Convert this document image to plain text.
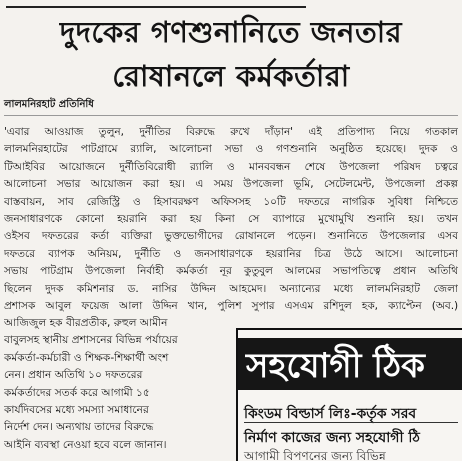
দুদকের গণশুনানিতে জনতার
রোষানলে কর্মকর্তারা
লালমনিরহাট প্রতিনিধি
'এবার আওয়াজ তুলুন, দুর্নীতির বিরুদ্ধে রুখে দাঁড়ান' এই প্রতিপাদ্য নিয়ে গতকাল
লালমনিরহাটের পাটগ্রামে র‍্যালি, আলোচনা সভা ও গণশুনানি অনুষ্ঠিত হয়েছে। দুদক ও
টিআইবির আয়োজনে দুর্নীতিবিরোধী র‍্যালি ও মানববন্ধন শেষে উপজেলা পরিষদ চত্বরে
আলোচনা সভার আয়োজন করা হয়। এ সময় উপজেলা ভূমি, সেটেলমেন্ট, উপজেলা প্রকল্প
বাস্তবায়ন, সাব রেজিস্ট্রি ও হিসাবরক্ষণ অফিসসহ ১০টি দফতরে নাগরিক সুবিধা নিশ্চিতে
জনসাধারণকে কোনো হয়রানি করা হয় কিনা সে ব্যাপারে মুখোমুখি শুনানি হয়। তখন
ওইসব দফতরের কর্তা ব্যক্তিরা ভুক্তভোগীদের রোষানলে পড়েন। শুনানিতে উপজেলার এসব
দফতরে ব্যাপক অনিয়ম, দুর্নীতি ও জনসাধারণকে হয়রানির চিত্র উঠে আসে। আলোচনা
সভায় পাটগ্রাম উপজেলা নির্বাহী কর্মকর্তা নূর কুতুবুল আলমের সভাপতিত্বে প্রধান অতিথি
ছিলেন দুদক কমিশনার ড. নাসির উদ্দিন আহমেদ। অন্যান্যের মধ্যে লালমনিরহাট জেলা
প্রশাসক আবুল ফয়েজ আলা উদ্দিন খান, পুলিশ সুপার এসএম রশিদুল হক, ক্যাপ্টেন (অব.)
আজিজুল হক বীরপ্রতীক, রুহুল আমীন
বাবুলসহ স্থানীয় প্রশাসনের বিভিন্ন পর্যায়ের
কর্মকর্তা-কর্মচারী ও শিক্ষক-শিক্ষার্থী অংশ
নেন। প্রধান অতিথি ১০ দফতরের
কর্মকর্তাদের সতর্ক করে আগামী ১৫
কার্যদিবসের মধ্যে সমস্যা সমাধানের
নির্দেশ দেন। অন্যথায় তাদের বিরুদ্ধে
আইনি ব্যবস্থা নেওয়া হবে বলে জানান।
সহযোগী ঠিক
কিংডম বিল্ডার্স লিঃ-কর্তৃক সরব
নির্মাণ কাজের জন্য সহযোগী ঠি
আগামী বিপণনের জন্য বিভিন্ন
